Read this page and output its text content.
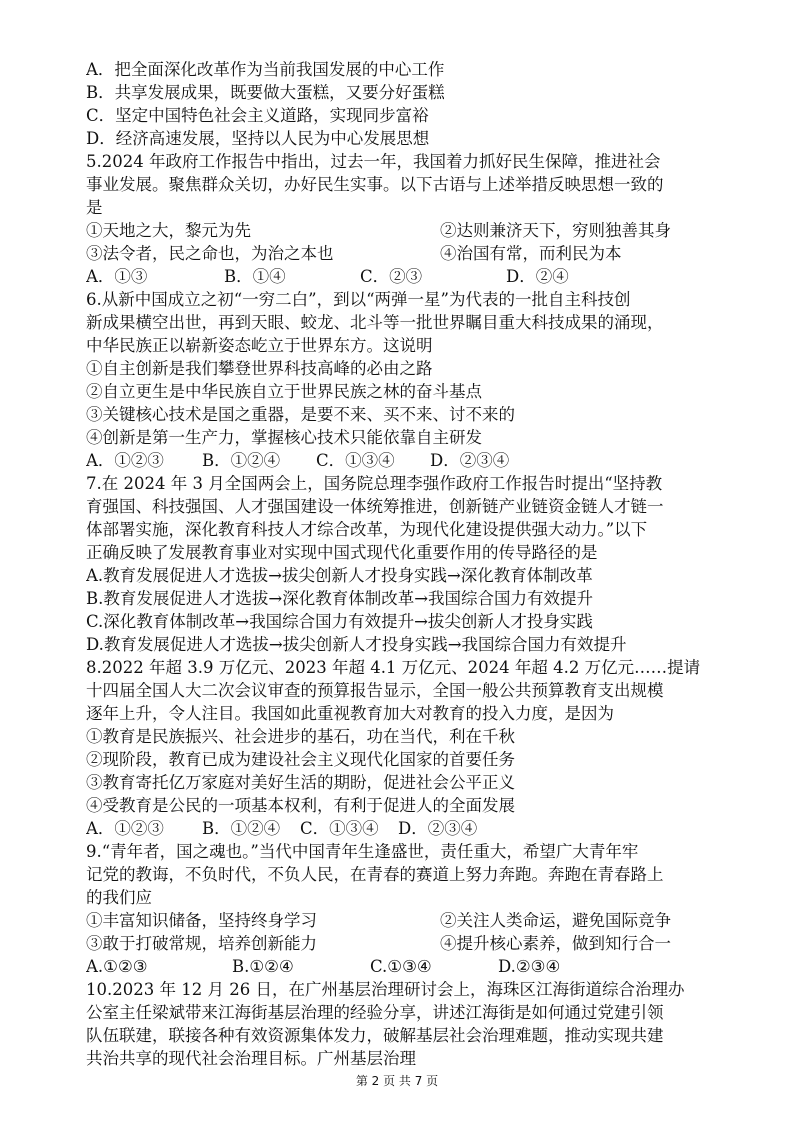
A．把全面深化改革作为当前我国发展的中心工作
B．共享发展成果，既要做大蛋糕，又要分好蛋糕
C．坚定中国特色社会主义道路，实现同步富裕
D．经济高速发展，坚持以人民为中心发展思想
5.2024 年政府工作报告中指出，过去一年，我国着力抓好民生保障，推进社会
事业发展。聚焦群众关切，办好民生实事。以下古语与上述举措反映思想一致的
是
①天地之大，黎元为先	②达则兼济天下，穷则独善其身
③法令者，民之命也，为治之本也	④治国有常，而利民为本
A．①③	B．①④	C．②③	D．②④
6.从新中国成立之初“一穷二白”，到以“两弹一星”为代表的一批自主科技创
新成果横空出世，再到天眼、蛟龙、北斗等一批世界瞩目重大科技成果的涌现，
中华民族正以崭新姿态屹立于世界东方。这说明
①自主创新是我们攀登世界科技高峰的必由之路
②自立更生是中华民族自立于世界民族之林的奋斗基点
③关键核心技术是国之重器，是要不来、买不来、讨不来的
④创新是第一生产力，掌握核心技术只能依靠自主研发
A．①②③	B．①②④	C．①③④	D．②③④
7.在 2024 年 3 月全国两会上，国务院总理李强作政府工作报告时提出“坚持教
育强国、科技强国、人才强国建设一体统筹推进，创新链产业链资金链人才链一
体部署实施，深化教育科技人才综合改革，为现代化建设提供强大动力。”以下
正确反映了发展教育事业对实现中国式现代化重要作用的传导路径的是
A.教育发展促进人才选拔→拔尖创新人才投身实践→深化教育体制改革
B.教育发展促进人才选拔→深化教育体制改革→我国综合国力有效提升
C.深化教育体制改革→我国综合国力有效提升→拔尖创新人才投身实践
D.教育发展促进人才选拔→拔尖创新人才投身实践→我国综合国力有效提升
8.2022 年超 3.9 万亿元、2023 年超 4.1 万亿元、2024 年超 4.2 万亿元……提请
十四届全国人大二次会议审查的预算报告显示，全国一般公共预算教育支出规模
逐年上升，令人注目。我国如此重视教育加大对教育的投入力度，是因为
①教育是民族振兴、社会进步的基石，功在当代，利在千秋
②现阶段，教育已成为建设社会主义现代化国家的首要任务
③教育寄托亿万家庭对美好生活的期盼，促进社会公平正义
④受教育是公民的一项基本权利，有利于促进人的全面发展
A．①②③	B．①②④	C．①③④	D．②③④
9.“青年者，国之魂也。”当代中国青年生逢盛世，责任重大，希望广大青年牢
记党的教诲，不负时代，不负人民，在青春的赛道上努力奔跑。奔跑在青春路上
的我们应
①丰富知识储备，坚持终身学习	②关注人类命运，避免国际竞争
③敢于打破常规，培养创新能力	④提升核心素养，做到知行合一
A.①②③	B.①②④	C.①③④	D.②③④
10.2023 年 12 月 26 日，在广州基层治理研讨会上，海珠区江海街道综合治理办
公室主任梁斌带来江海街基层治理的经验分享，讲述江海街是如何通过党建引领
队伍联建，联接各种有效资源集体发力，破解基层社会治理难题，推动实现共建
共治共享的现代社会治理目标。广州基层治理
第 2 页 共 7 页
